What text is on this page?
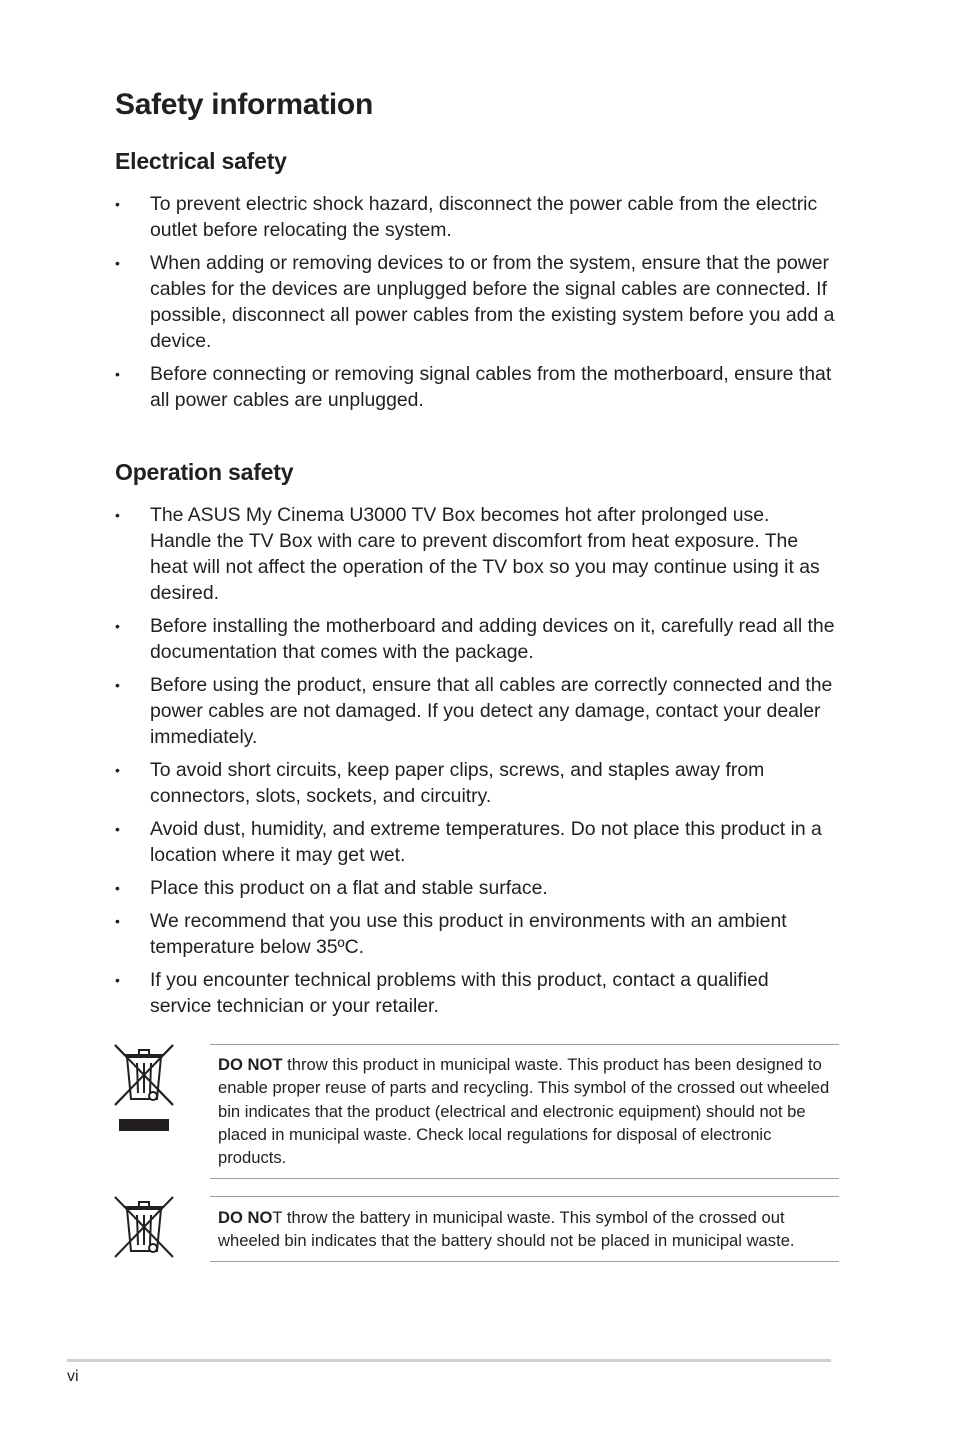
Safety information
Electrical safety
• To prevent electric shock hazard, disconnect the power cable from the electric outlet before relocating the system.
• When adding or removing devices to or from the system, ensure that the power cables for the devices are unplugged before the signal cables are connected. If possible, disconnect all power cables from the existing system before you add a device.
• Before connecting or removing signal cables from the motherboard, ensure that all power cables are unplugged.
Operation safety
• The ASUS My Cinema U3000 TV Box becomes hot after prolonged use. Handle the TV Box with care to prevent discomfort from heat exposure. The heat will not affect the operation of the TV box so you may continue using it as desired.
• Before installing the motherboard and adding devices on it, carefully read all the documentation that comes with the package.
• Before using the product, ensure that all cables are correctly connected and the power cables are not damaged. If you detect any damage, contact your dealer immediately.
• To avoid short circuits, keep paper clips, screws, and staples away from connectors, slots, sockets, and circuitry.
• Avoid dust, humidity, and extreme temperatures. Do not place this product in a location where it may get wet.
• Place this product on a flat and stable surface.
• We recommend that you use this product in environments with an ambient temperature below 35ºC.
• If you encounter technical problems with this product, contact a qualified service technician or your retailer.

DO NOT throw this product in municipal waste. This product has been designed to enable proper reuse of parts and recycling. This symbol of the crossed out wheeled bin indicates that the product (electrical and electronic equipment) should not be placed in municipal waste. Check local regulations for disposal of electronic products.

DO NOT throw the battery in municipal waste. This symbol of the crossed out wheeled bin indicates that the battery should not be placed in municipal waste.

vi
